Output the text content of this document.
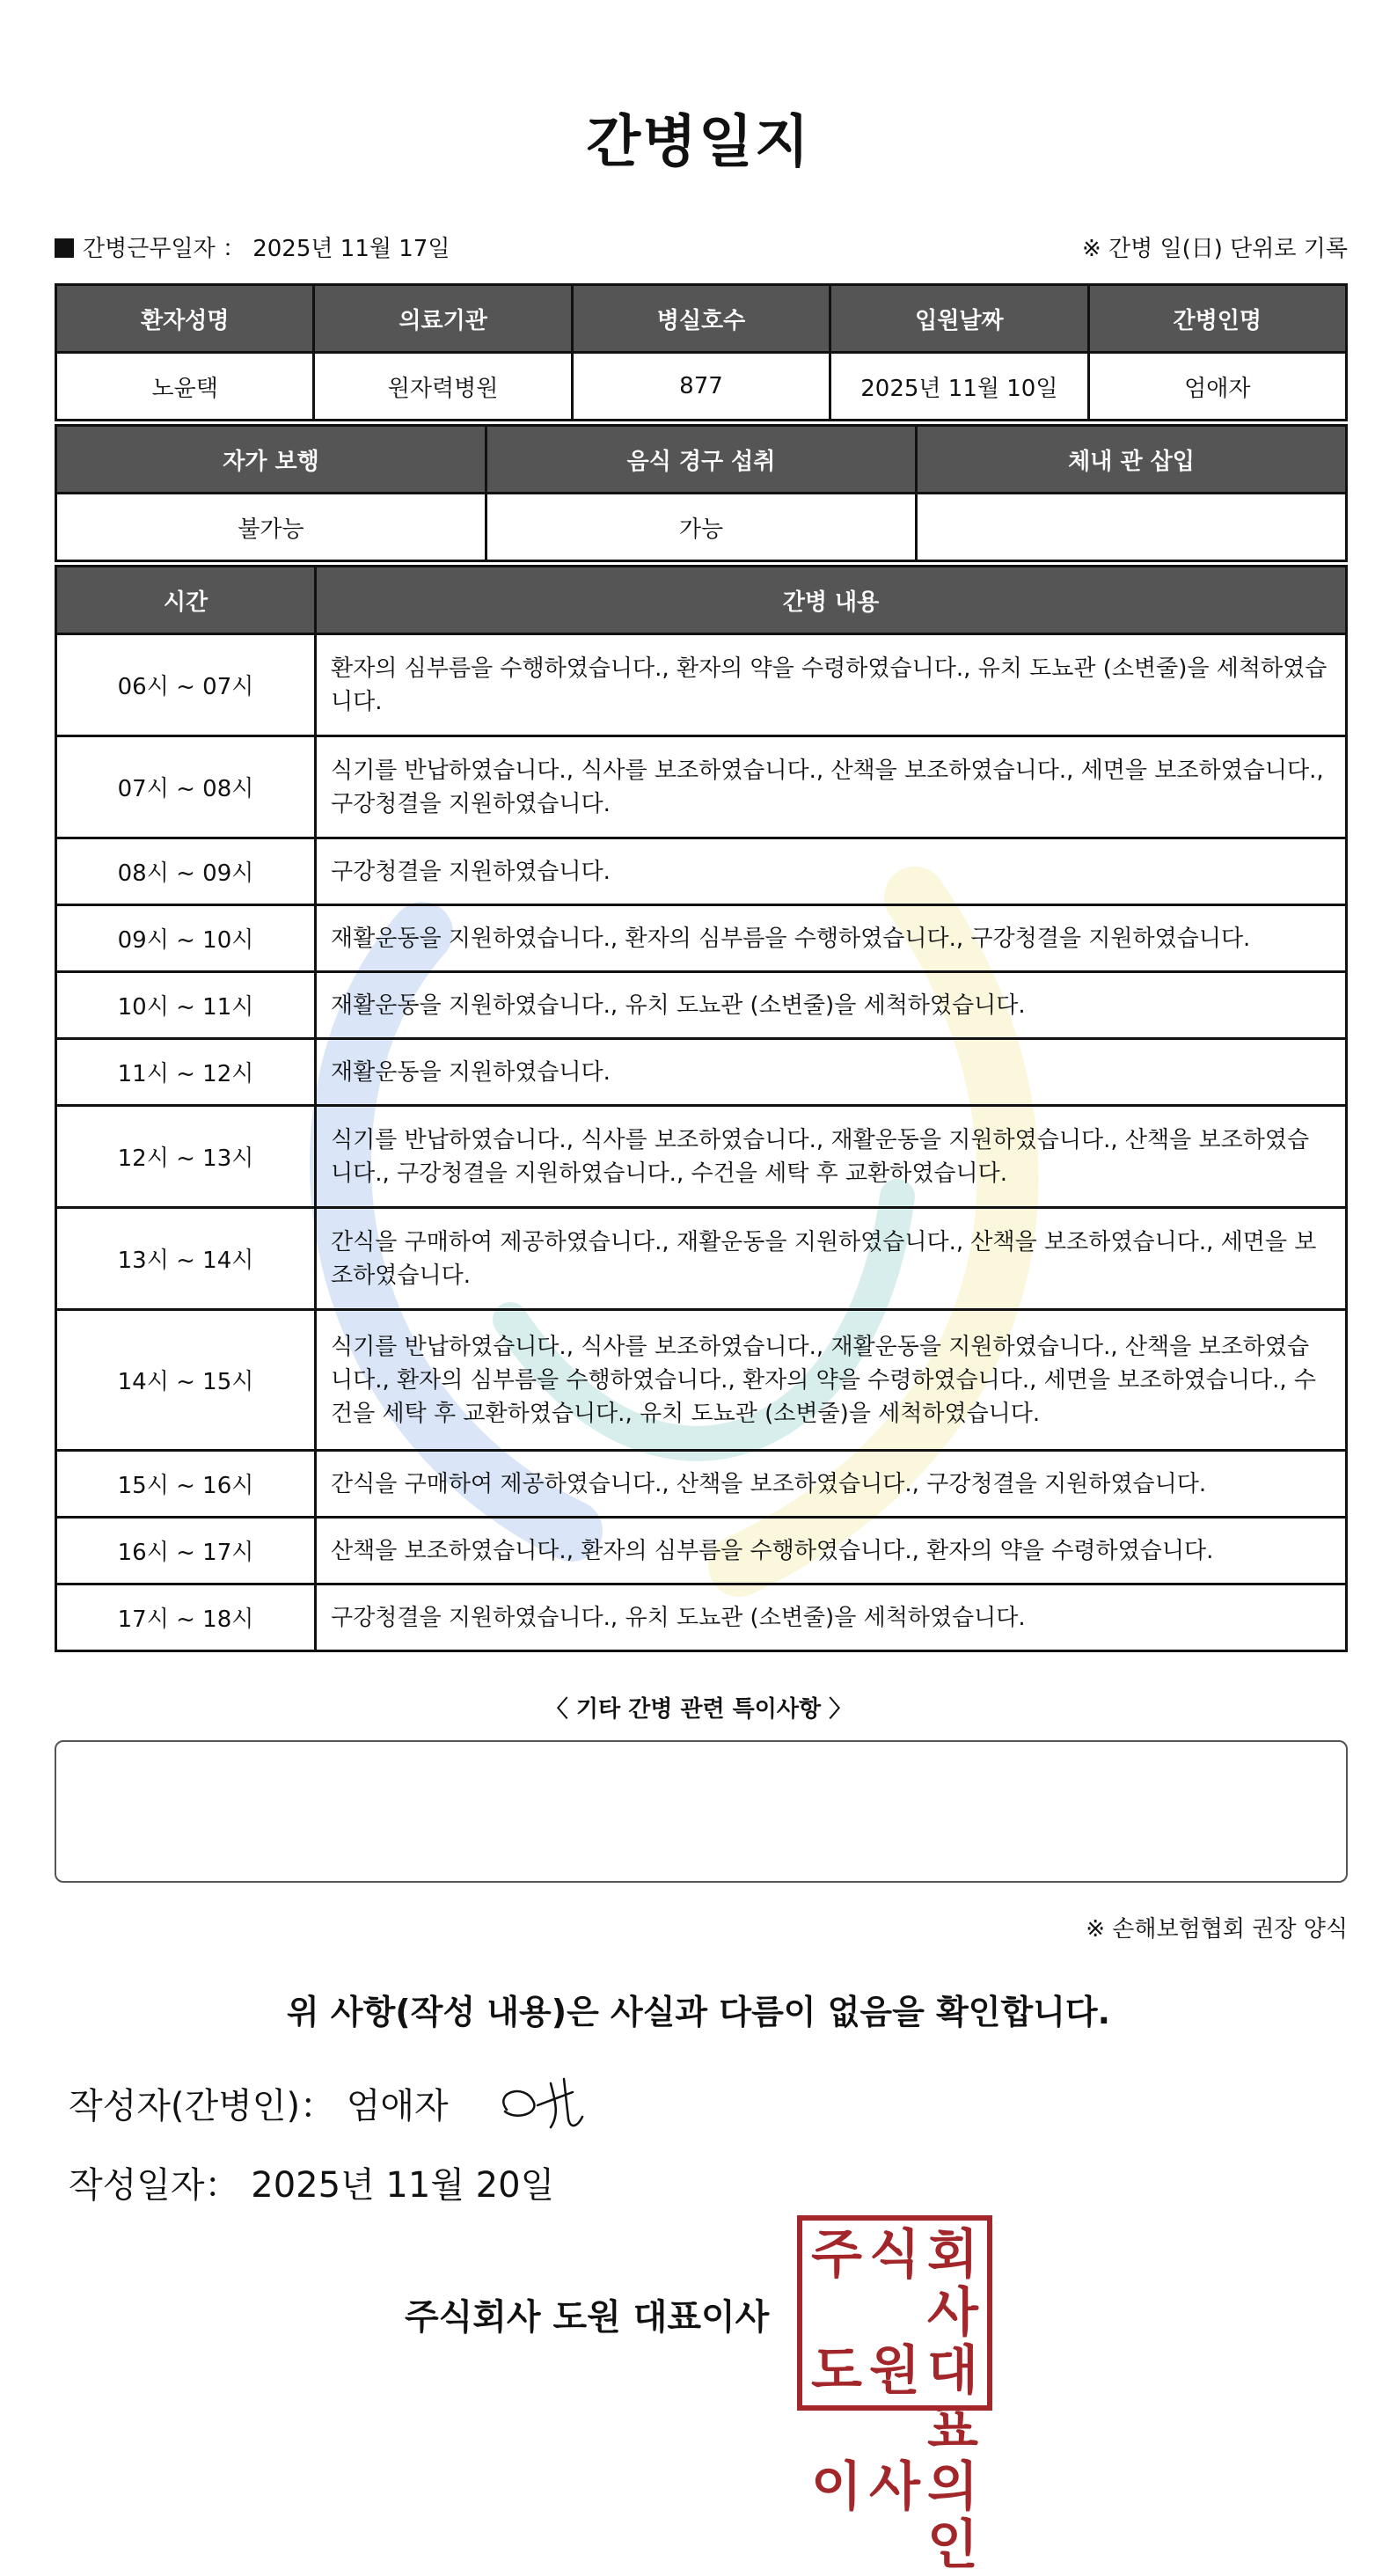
간병일지
간병근무일자 ： 2025년 11월 17일	※ 간병 일(日) 단위로 기록
환자성명	의료기관	병실호수	입원날짜	간병인명
노윤택	원자력병원	877	2025년 11월 10일	엄애자
자가 보행	음식 경구 섭취	체내 관 삽입
불가능	가능	
시간	간병 내용
06시 ~ 07시	환자의 심부름을 수행하였습니다., 환자의 약을 수령하였습니다., 유치 도뇨관 (소변줄)을 세척하였습니다.
07시 ~ 08시	식기를 반납하였습니다., 식사를 보조하였습니다., 산책을 보조하였습니다., 세면을 보조하였습니다., 구강청결을 지원하였습니다.
08시 ~ 09시	구강청결을 지원하였습니다.
09시 ~ 10시	재활운동을 지원하였습니다., 환자의 심부름을 수행하였습니다., 구강청결을 지원하였습니다.
10시 ~ 11시	재활운동을 지원하였습니다., 유치 도뇨관 (소변줄)을 세척하였습니다.
11시 ~ 12시	재활운동을 지원하였습니다.
12시 ~ 13시	식기를 반납하였습니다., 식사를 보조하였습니다., 재활운동을 지원하였습니다., 산책을 보조하였습니다., 구강청결을 지원하였습니다., 수건을 세탁 후 교환하였습니다.
13시 ~ 14시	간식을 구매하여 제공하였습니다., 재활운동을 지원하였습니다., 산책을 보조하였습니다., 세면을 보조하였습니다.
14시 ~ 15시	식기를 반납하였습니다., 식사를 보조하였습니다., 재활운동을 지원하였습니다., 산책을 보조하였습니다., 환자의 심부름을 수행하였습니다., 환자의 약을 수령하였습니다., 세면을 보조하였습니다., 수건을 세탁 후 교환하였습니다., 유치 도뇨관 (소변줄)을 세척하였습니다.
15시 ~ 16시	간식을 구매하여 제공하였습니다., 산책을 보조하였습니다., 구강청결을 지원하였습니다.
16시 ~ 17시	산책을 보조하였습니다., 환자의 심부름을 수행하였습니다., 환자의 약을 수령하였습니다.
17시 ~ 18시	구강청결을 지원하였습니다., 유치 도뇨관 (소변줄)을 세척하였습니다.
〈 기타 간병 관련 특이사항 〉
※ 손해보험협회 권장 양식
위 사항(작성 내용)은 사실과 다름이 없음을 확인합니다.
작성자(간병인)： 엄애자
작성일자： 2025년 11월 20일
주식회사 도원 대표이사
주 식 회사
도 원 대표
이 사 의인
